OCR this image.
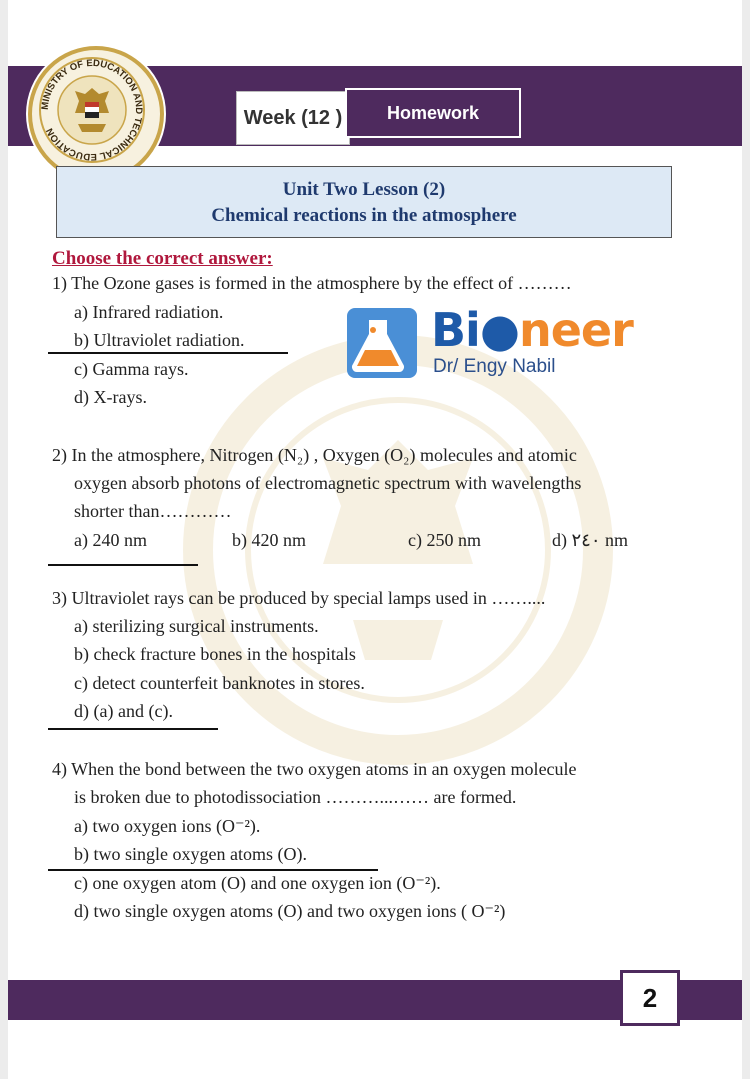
MINISTRY OF EDUCATION AND TECHNICAL EDUCATION
Week (12 )	Homework
Unit Two Lesson (2)
Chemical reactions in the atmosphere
Bi●neer
Dr/ Engy Nabil
Choose the correct answer:
1) The Ozone gases is formed in the atmosphere by the effect of ………
a) Infrared radiation.
b) Ultraviolet radiation.
c) Gamma rays.
d) X-rays.
2) In the atmosphere, Nitrogen (N₂) , Oxygen (O₂) molecules and atomic
oxygen absorb photons of electromagnetic spectrum with wavelengths
shorter than…………
a) 240 nm	b) 420 nm	c) 250 nm	d) ٢٤٠ nm
3) Ultraviolet rays can be produced by special lamps used in ……....
a) sterilizing surgical instruments.
b) check fracture bones in the hospitals
c) detect counterfeit banknotes in stores.
d) (a) and (c).
4) When the bond between the two oxygen atoms in an oxygen molecule
is broken due to photodissociation ………...…… are formed.
a) two oxygen ions (O⁻²).
b) two single oxygen atoms (O).
c) one oxygen atom (O) and one oxygen ion (O⁻²).
d) two single oxygen atoms (O) and two oxygen ions ( O⁻²)
2
